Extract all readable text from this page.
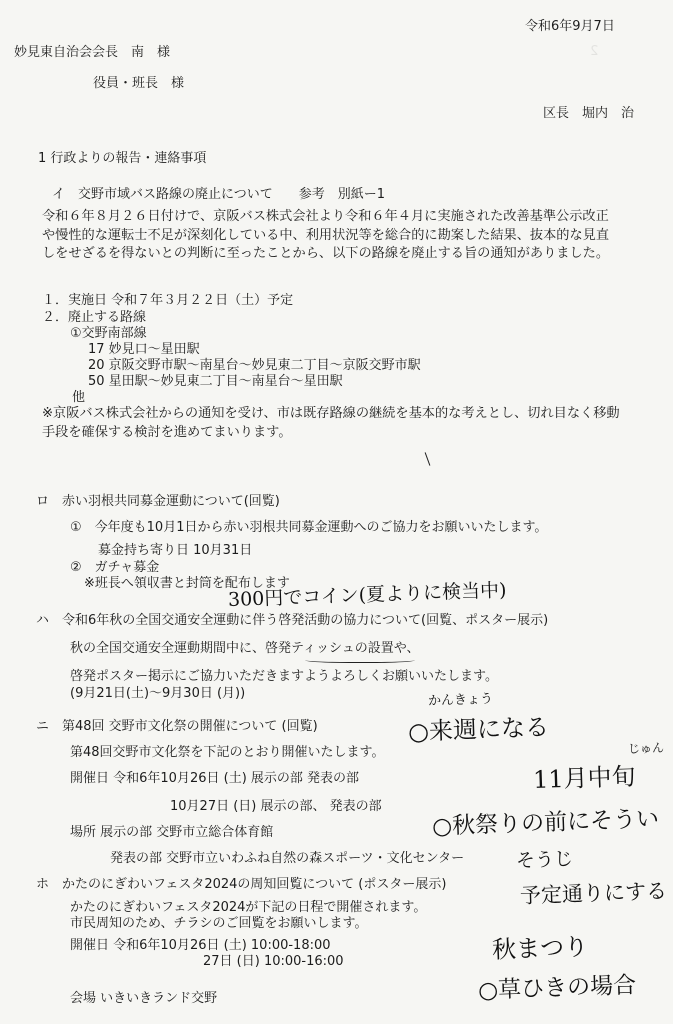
2 　　　　　　　　　　　　

令和6年9月7日
妙見東自治会会長　南　様
役員・班長　様
区長　堀内　治
1 行政よりの報告・連絡事項
イ　交野市域バス路線の廃止について　　参考　別紙ー1
令和６年８月２６日付けで、京阪バス株式会社より令和６年４月に実施された改善基準公示改正や慢性的な運転士不足が深刻化している中、利用状況等を総合的に勘案した結果、抜本的な見直しをせざるを得ないとの判断に至ったことから、以下の路線を廃止する旨の通知がありました。
１．実施日 令和７年３月２２日（土）予定
２．廃止する路線
①交野南部線
17 妙見口～星田駅
20 京阪交野市駅～南星台～妙見東二丁目～京阪交野市駅
50 星田駅～妙見東二丁目～南星台～星田駅
他
※京阪バス株式会社からの通知を受け、市は既存路線の継続を基本的な考えとし、切れ目なく移動手段を確保する検討を進めてまいります。
ロ　赤い羽根共同募金運動について(回覧)
①　今年度も10月1日から赤い羽根共同募金運動へのご協力をお願いいたします。
募金持ち寄り日 10月31日
②　ガチャ募金
※班長へ領収書と封筒を配布します
ハ　令和6年秋の全国交通安全運動に伴う啓発活動の協力について(回覧、ポスター展示)
秋の全国交通安全運動期間中に、啓発ティッシュの設置や、
啓発ポスター掲示にご協力いただきますようよろしくお願いいたします。
(9月21日(土)～9月30日 (月))
ニ　第48回 交野市文化祭の開催について (回覧)
第48回交野市文化祭を下記のとおり開催いたします。
開催日 令和6年10月26日 (土) 展示の部 発表の部
10月27日 (日) 展示の部、 発表の部
場所 展示の部 交野市立総合体育館
発表の部 交野市立いわふね自然の森スポーツ・文化センター
ホ　かたのにぎわいフェスタ2024の周知回覧について (ポスター展示)
かたのにぎわいフェスタ2024が下記の日程で開催されます。
市民周知のため、チラシのご回覧をお願いします。
開催日 令和6年10月26日 (土) 10:00-18:00
27日 (日) 10:00-16:00
会場 いきいきランド交野
300円でコイン(夏よりに検当中)
かんきょう
○来週になる
じゅん
11月中旬
○秋祭りの前にそうい
そうじ
予定通りにする
秋まつり
○草ひきの場合
